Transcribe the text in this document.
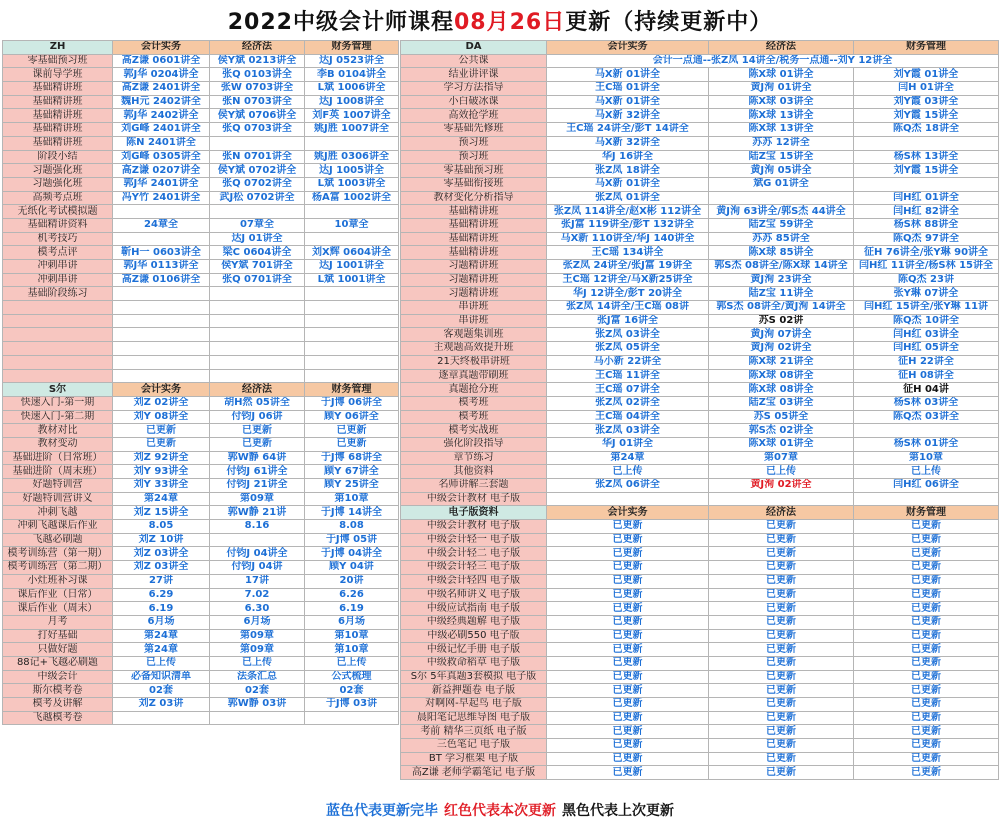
2022中级会计师课程 08月26日 更新（持续更新中）
ZH	会计实务	经济法	财务管理
零基础预习班	高Z谦 0601讲全	侯Y斌 0213讲全	达J 0523讲全
课前导学班	郭J华 0204讲全	张Q 0103讲全	李B 0104讲全
基础精讲班	高Z谦 2401讲全	张W 0703讲全	L斌 1006讲全
基础精讲班	魏H元 2402讲全	张N 0703讲全	达J 1008讲全
基础精讲班	郭J华 2402讲全	侯Y斌 0706讲全	刘F英 1007讲全
基础精讲班	刘G峰 2401讲全	张Q 0703讲全	姚J胜 1007讲全
基础精讲班	陈N 2401讲全		
阶段小结	刘G峰 0305讲全	张N 0701讲全	姚J胜 0306讲全
习题强化班	高Z谦 0207讲全	侯Y斌 0702讲全	达J 1005讲全
习题强化班	郭J华 2401讲全	张Q 0702讲全	L斌 1003讲全
高频考点班	冯Y竹 2401讲全	武J松 0702讲全	杨A富 1002讲全
无纸化考试模拟题			
基础精讲资料	24章全	07章全	10章全
机考技巧		达J 01讲全	
模考点评	靳H一 0603讲全	梁C 0604讲全	刘X辉 0604讲全
冲刺串讲	郭J华 0113讲全	侯Y斌 701讲全	达J 1001讲全
冲刺串讲	高Z谦 0106讲全	张Q 0701讲全	L斌 1001讲全
基础阶段练习			

S尔	会计实务	经济法	财务管理
快速入门-第一期	刘Z 02讲全	胡H然 05讲全	于J博 06讲全
快速入门-第二期	刘Y 08讲全	付钧J 06讲	顾Y 06讲全
教材对比	已更新	已更新	已更新
教材变动	已更新	已更新	已更新
基础进阶（日常班）	刘Z 92讲全	郭W静 64讲	于J博 68讲全
基础进阶（周末班）	刘Y 93讲全	付钧J 61讲全	顾Y 67讲全
好题特训营	刘Y 33讲全	付钧J 21讲全	顾Y 25讲全
好题特训营讲义	第24章	第09章	第10章
冲刺飞越	刘Z 15讲全	郭W静 21讲	于J博 14讲全
冲刺飞越课后作业	8.05	8.16	8.08
飞越必刷题	刘Z 10讲		于J博 05讲
模考训练营（第一期）	刘Z 03讲全	付钧J 04讲全	于J博 04讲全
模考训练营（第二期）	刘Z 03讲全	付钧J 04讲	顾Y 04讲
小灶班补习课	27讲	17讲	20讲
课后作业（日常）	6.29	7.02	6.26
课后作业（周末）	6.19	6.30	6.19
月考	6月场	6月场	6月场
打好基础	第24章	第09章	第10章
只做好题	第24章	第09章	第10章
88记+飞越必刷题	已上传	已上传	已上传
中级会计	必备知识清单	法条汇总	公式梳理
斯尔模考卷	02套	02套	02套
模考及讲解	刘Z 03讲	郭W静 03讲	于J博 03讲
飞越模考卷			
DA	会计实务	经济法	财务管理
公共课	会计一点通--张Z凤 14讲全/税务一点通--刘Y 12讲全		
结业讲评课	马X新 01讲全	陈X球 01讲全	刘Y霞 01讲全
学习方法指导	王C瑶 01讲全	黄J洵 01讲全	闫H 01讲全
小白破冰课	马X新 01讲全	陈X球 03讲全	刘Y霞 03讲全
高效抢学班	马X新 32讲全	陈X球 13讲全	刘Y霞 15讲全
零基础先修班	王C瑶 24讲全/彭T 14讲全	陈X球 13讲全	陈Q杰 18讲全
预习班	马X新 32讲全	苏苏 12讲全	
预习班	华J 16讲全	陆Z宝 15讲全	杨S林 13讲全
零基础预习班	张Z凤 18讲全	黄J洵 05讲全	刘Y霞 15讲全
零基础衔接班	马X新 01讲全	斌G 01讲全	
教材变化分析指导	张Z凤 01讲全		闫H红 01讲全
基础精讲班	张Z凤 114讲全/赵X彬 112讲全	黄J洵 63讲全/郭S杰 44讲全	闫H红 82讲全
基础精讲班	张J富 119讲全/彭T 132讲全	陆Z宝 59讲全	杨S林 88讲全
基础精讲班	马X新 110讲全/华J 140讲全	苏苏 85讲全	陈Q杰 97讲全
基础精讲班	王C瑶 134讲全	陈X球 85讲全	征H 76讲全/张Y琳 90讲全
习题精讲班	张Z凤 24讲全/张J富 19讲全	郭S杰 08讲全/陈X球 14讲全	闫H红 11讲全/杨S林 15讲全
习题精讲班	王C瑶 12讲全/马X新25讲全	黄J洵 23讲全	陈Q杰 23讲
习题精讲班	华J 12讲全/彭T 20讲全	陆Z宝 11讲全	张Y琳 07讲全
串讲班	张Z凤 14讲全/王C瑶 08讲	郭S杰 08讲全/黄J洵 14讲全	闫H红 15讲全/张Y琳 11讲
串讲班	张J富 16讲全	苏S 02讲	陈Q杰 10讲全
客观题集训班	张Z凤 03讲全	黄J洵 07讲全	闫H红 03讲全
主观题高效提升班	张Z凤 05讲全	黄J洵 02讲全	闫H红 05讲全
21天终极串讲班	马小新 22讲全	陈X球 21讲全	征H 22讲全
逐章真题带刷班	王C瑶 11讲全	陈X球 08讲全	征H 08讲全
真题抢分班	王C瑶 07讲全	陈X球 08讲全	征H 04讲
模考班	张Z凤 02讲全	陆Z宝 03讲全	杨S林 03讲全
模考班	王C瑶 04讲全	苏S 05讲全	陈Q杰 03讲全
模考实战班	张Z凤 03讲全	郭S杰 02讲全	
强化阶段指导	华J 01讲全	陈X球 01讲全	杨S林 01讲全
章节练习	第24章	第07章	第10章
其他资料	已上传	已上传	已上传
名师讲解三套题	张Z凤 06讲全	黄J洵 02讲全	闫H红 06讲全
中级会计教材 电子版			
电子版资料	会计实务	经济法	财务管理
中级会计教材 电子版	已更新	已更新	已更新
中级会计轻一 电子版	已更新	已更新	已更新
中级会计轻二 电子版	已更新	已更新	已更新
中级会计轻三 电子版	已更新	已更新	已更新
中级会计轻四 电子版	已更新	已更新	已更新
中级名师讲义 电子版	已更新	已更新	已更新
中级应试指南 电子版	已更新	已更新	已更新
中级经典题解 电子版	已更新	已更新	已更新
中级必刷550 电子版	已更新	已更新	已更新
中级记忆手册 电子版	已更新	已更新	已更新
中级救命稻草 电子版	已更新	已更新	已更新
S尔 5年真题3套模拟 电子版	已更新	已更新	已更新
新益押题卷 电子版	已更新	已更新	已更新
对啊网-早起鸟 电子版	已更新	已更新	已更新
晨阳笔记思维导图 电子版	已更新	已更新	已更新
考前 精华三页纸 电子版	已更新	已更新	已更新
三色笔记 电子版	已更新	已更新	已更新
BT 学习框架 电子版	已更新	已更新	已更新
高Z谦 老师学霸笔记 电子版	已更新	已更新	已更新
蓝色代表更新完毕 红色代表本次更新 黑色代表上次更新
